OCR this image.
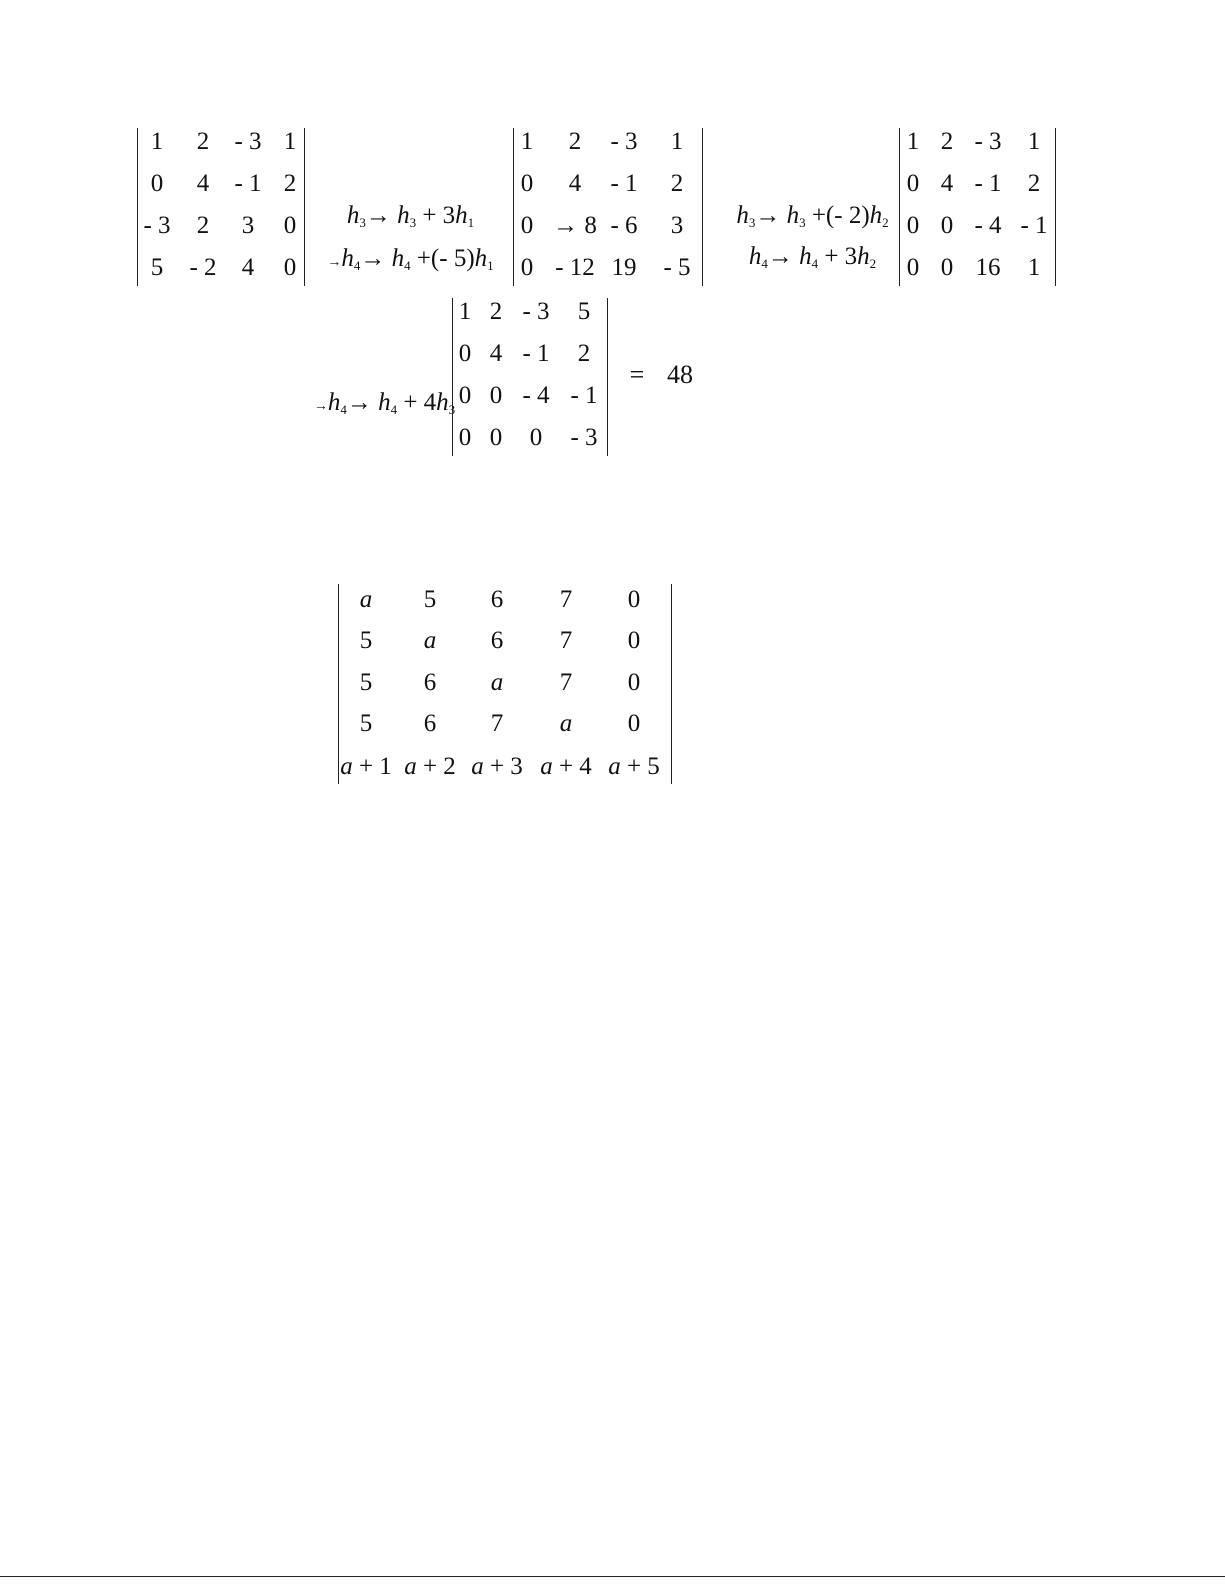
1 2 - 3 1
0 4 - 1 2
- 3 2 3 0
5 - 2 4 0

$h_3\to h_3 + 3h_1$

$\to h_4\to h_4$ +(- $5)h_1$

1 2 - 3 1
0 4 - 1 2
0 → 8 - 6 3
0 - 12 19 - 5

$h_3\to h_3$ +(- $2)h_2$

$h_4\to h_4 + 3h_2$

1 2 - 3 1
0 4 - 1 2
0 0 - 4 - 1
0 0 16 1

$\to h_4\to h_4 + 4h_3$

1 2 - 3 5
0 4 - 1 2
0 0 - 4 - 1
0 0 0 - 3
= 48
a 5 6 7 0
5 a 6 7 0
5 6 a 7 0
5 6 7 a 0
a + 1 a + 2 a + 3 a + 4 a + 5
